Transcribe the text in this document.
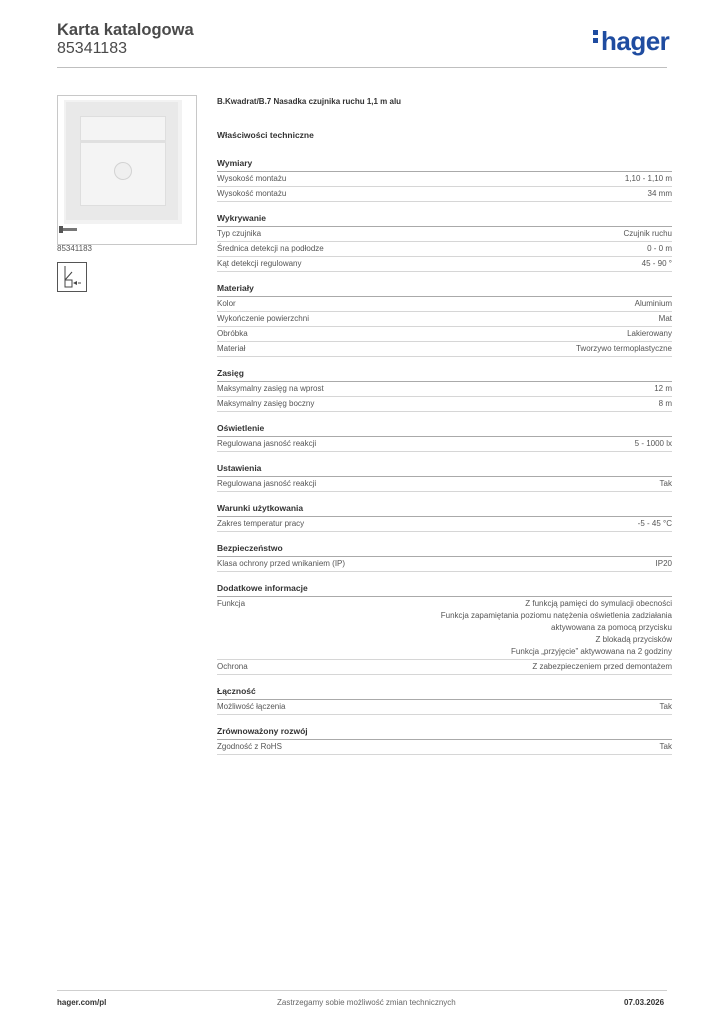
Karta katalogowa
85341183	hager
85341183
B.Kwadrat/B.7 Nasadka czujnika ruchu 1,1 m alu
Właściwości techniczne
Wymiary
Wysokość montażu	1,10 - 1,10 m
Wysokość montażu	34 mm
Wykrywanie
Typ czujnika	Czujnik ruchu
Średnica detekcji na podłodze	0 - 0 m
Kąt detekcji regulowany	45 - 90 °
Materiały
Kolor	Aluminium
Wykończenie powierzchni	Mat
Obróbka	Lakierowany
Materiał	Tworzywo termoplastyczne
Zasięg
Maksymalny zasięg na wprost	12 m
Maksymalny zasięg boczny	8 m
Oświetlenie
Regulowana jasność reakcji	5 - 1000 lx
Ustawienia
Regulowana jasność reakcji	Tak
Warunki użytkowania
Zakres temperatur pracy	-5 - 45 °C
Bezpieczeństwo
Klasa ochrony przed wnikaniem (IP)	IP20
Dodatkowe informacje
Funkcja	Z funkcją pamięci do symulacji obecności
Funkcja zapamiętania poziomu natężenia oświetlenia zadziałania
aktywowana za pomocą przycisku
Z blokadą przycisków
Funkcja „przyjęcie” aktywowana na 2 godziny
Ochrona	Z zabezpieczeniem przed demontażem
Łączność
Możliwość łączenia	Tak
Zrównoważony rozwój
Zgodność z RoHS	Tak
hager.com/pl	Zastrzegamy sobie możliwość zmian technicznych	07.03.2026
